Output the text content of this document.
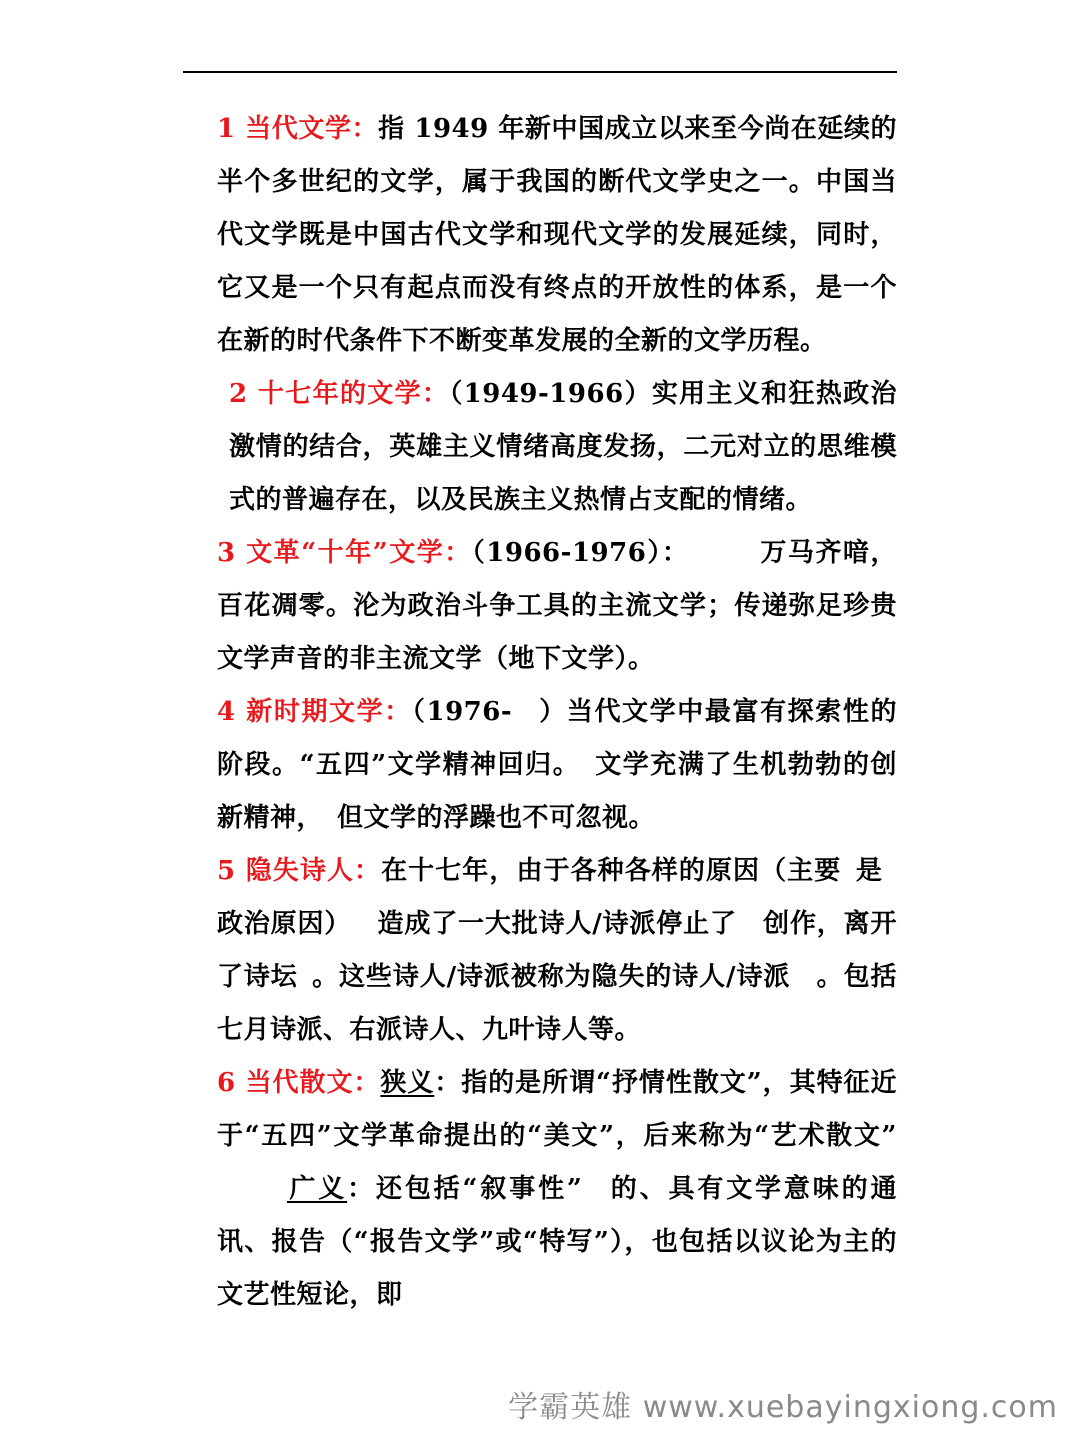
1 当代文学：指 1949 年新中国成立以来至今尚在延续的半个多世纪的文学，属于我国的断代文学史之一。中国当代文学既是中国古代文学和现代文学的发展延续，同时，它又是一个只有起点而没有终点的开放性的体系，是一个在新的时代条件下不断变革发展的全新的文学历程。

2 十七年的文学：（1949-1966）实用主义和狂热政治激情的结合，英雄主义情绪高度发扬，二元对立的思维模式的普遍存在，以及民族主义热情占支配的情绪。

3 文革“十年”文学：（1966-1976）：	万马齐喑，百花凋零。沦为政治斗争工具的主流文学；传递弥足珍贵文学声音的非主流文学（地下文学）。

4 新时期文学：（1976- ）当代文学中最富有探索性的阶段。“五四”文学精神回归。 文学充满了生机勃勃的创新精神， 但文学的浮躁也不可忽视。

5 隐失诗人：在十七年，由于各种各样的原因（主要 是政治原因） 造成了一大批诗人/诗派停止了 创作，离开了诗坛 。这些诗人/诗派被称为隐失的诗人/诗派 。包括七月诗派、右派诗人、九叶诗人等。

6 当代散文：狭义：指的是所谓“抒情性散文”，其特征近于“五四”文学革命提出的“美文”，后来称为“艺术散文”广义：还包括“叙事性” 的、具有文学意味的通讯、报告（“报告文学”或“特写”），也包括以议论为主的文艺性短论，即

学霸英雄 www.xuebayingxiong.com
